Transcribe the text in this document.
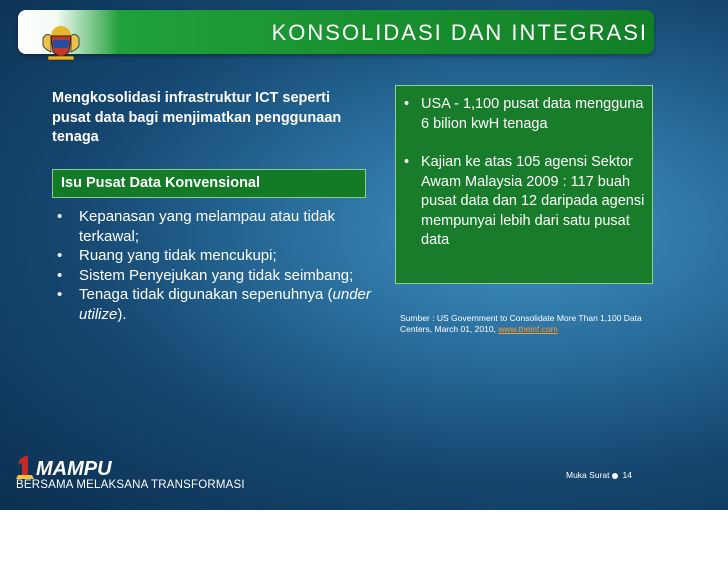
KONSOLIDASI DAN INTEGRASI
Mengkosolidasi infrastruktur ICT seperti pusat data bagi menjimatkan penggunaan tenaga
Isu Pusat Data Konvensional
• Kepanasan yang melampau atau tidak terkawal;
• Ruang yang tidak mencukupi;
• Sistem Penyejukan yang tidak seimbang;
• Tenaga tidak digunakan sepenuhnya (under utilize).
• USA - 1,100 pusat data mengguna 6 bilion kwH tenaga
• Kajian ke atas 105 agensi Sektor Awam Malaysia 2009 : 117 buah pusat data dan 12 daripada agensi mempunyai lebih dari satu pusat data
Sumber : US Government to Consolidate More Than 1,100 Data Centers, March 01, 2010, www.theinf.com
MAMPU
BERSAMA MELAKSANA TRANSFORMASI
Muka Surat 14
